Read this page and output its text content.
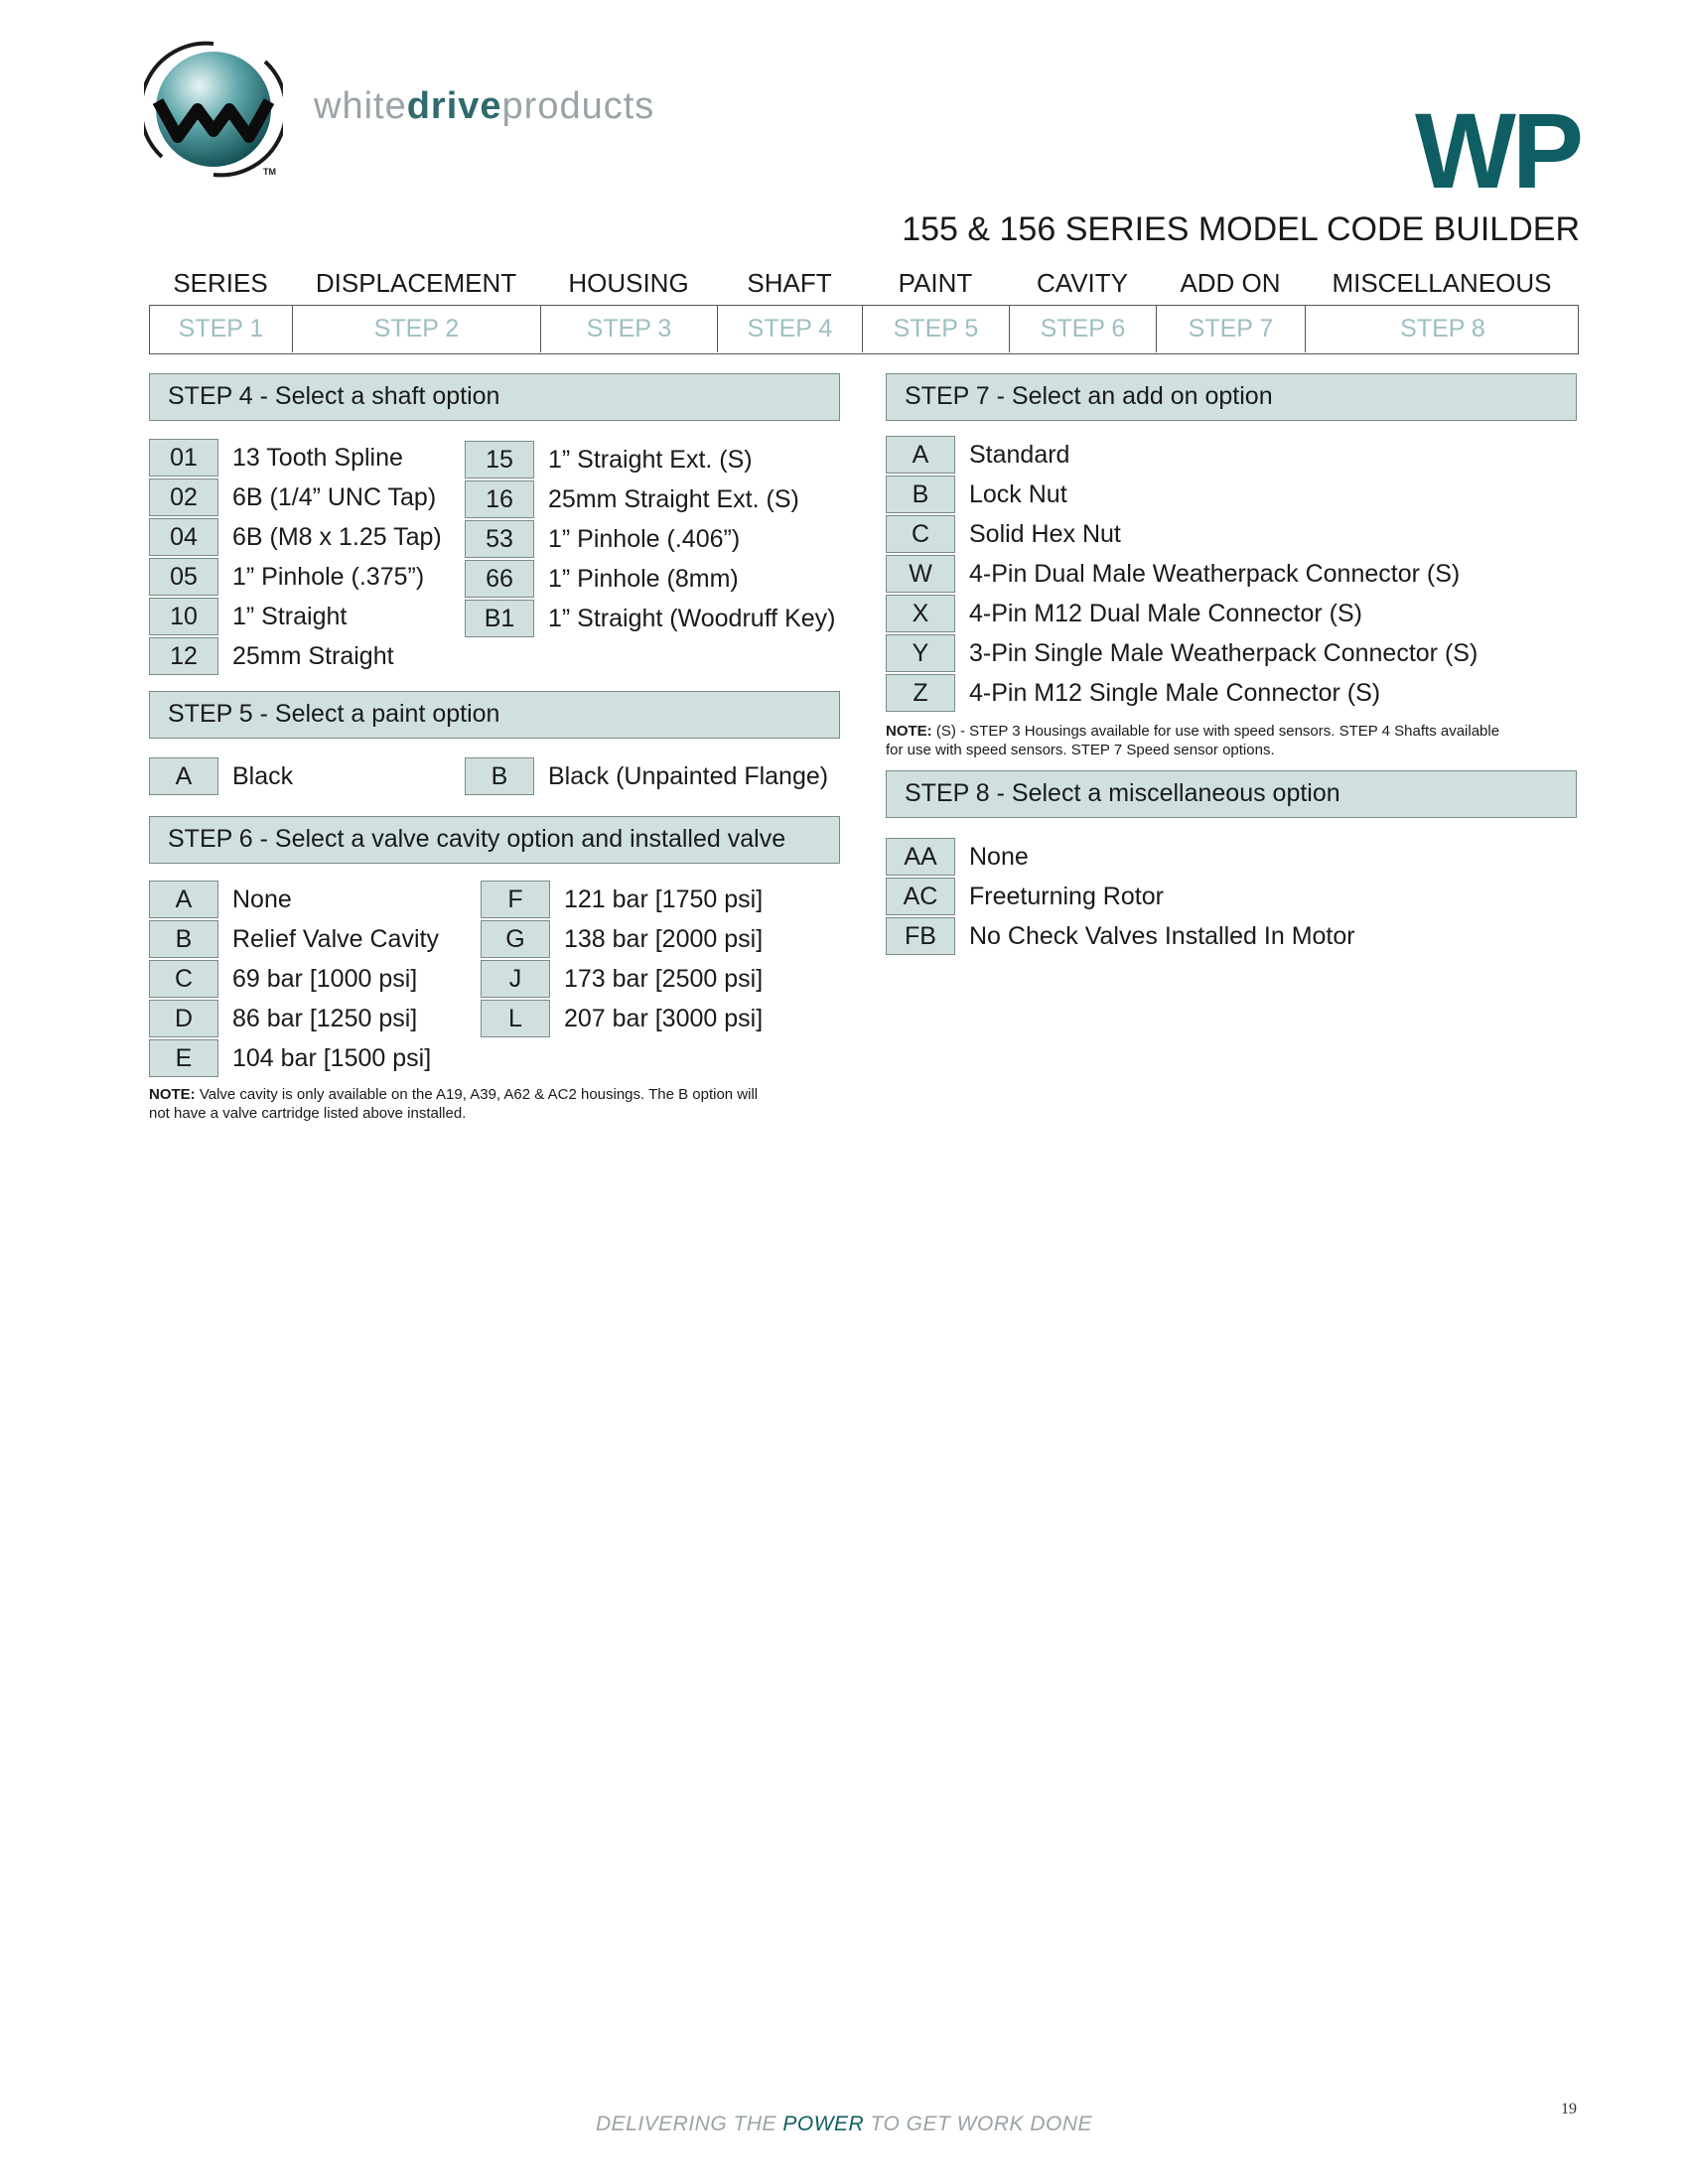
TM
whitedriveproducts	WP
155 & 156 SERIES MODEL CODE BUILDER
SERIES	DISPLACEMENT	HOUSING	SHAFT	PAINT	CAVITY	ADD ON	MISCELLANEOUS
STEP 1	STEP 2	STEP 3	STEP 4	STEP 5	STEP 6	STEP 7	STEP 8
STEP 4 - Select a shaft option
01	13 Tooth Spline
02	6B (1/4” UNC Tap)
04	6B (M8 x 1.25 Tap)
05	1” Pinhole (.375”)
10	1” Straight
12	25mm Straight
15	1” Straight Ext. (S)
16	25mm Straight Ext. (S)
53	1” Pinhole (.406”)
66	1” Pinhole (8mm)
B1	1” Straight (Woodruff Key)
STEP 5 - Select a paint option
A	Black	B	Black (Unpainted Flange)
STEP 6 - Select a valve cavity option and installed valve
A	None
B	Relief Valve Cavity
C	69 bar [1000 psi]
D	86 bar [1250 psi]
E	104 bar [1500 psi]
F	121 bar [1750 psi]
G	138 bar [2000 psi]
J	173 bar [2500 psi]
L	207 bar [3000 psi]
NOTE: Valve cavity is only available on the A19, A39, A62 & AC2 housings. The B option will
not have a valve cartridge listed above installed.
STEP 7 - Select an add on option
A	Standard
B	Lock Nut
C	Solid Hex Nut
W	4-Pin Dual Male Weatherpack Connector (S)
X	4-Pin M12 Dual Male Connector (S)
Y	3-Pin Single Male Weatherpack Connector (S)
Z	4-Pin M12 Single Male Connector (S)
NOTE: (S) - STEP 3 Housings available for use with speed sensors. STEP 4 Shafts available
for use with speed sensors. STEP 7 Speed sensor options.
STEP 8 - Select a miscellaneous option
AA	None
AC	Freeturning Rotor
FB	No Check Valves Installed In Motor
DELIVERING THE POWER TO GET WORK DONE
19
